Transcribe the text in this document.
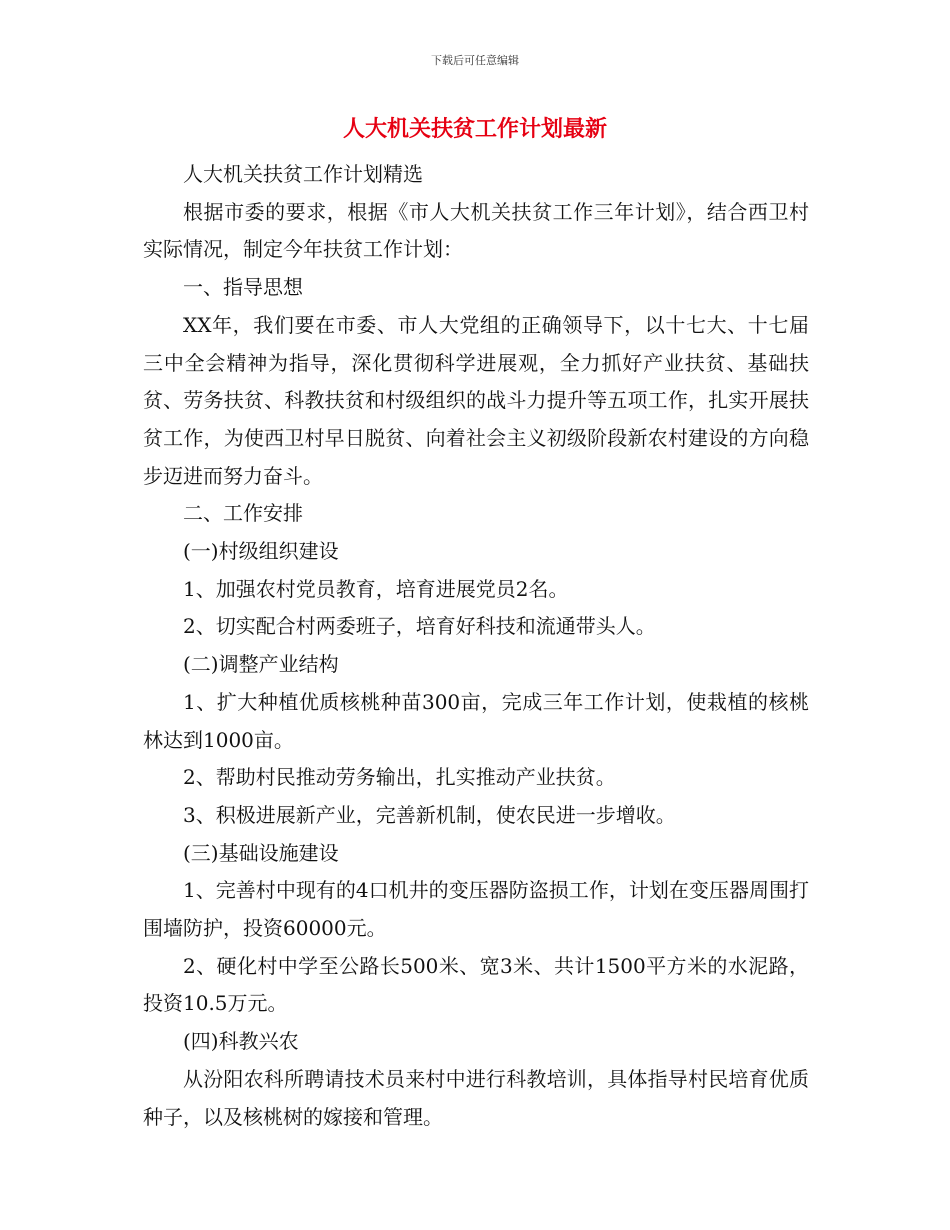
下载后可任意编辑
人大机关扶贫工作计划最新

人大机关扶贫工作计划精选

根据市委的要求，根据《市人大机关扶贫工作三年计划》，结合西卫村实际情况，制定今年扶贫工作计划：

一、指导思想

XX年，我们要在市委、市人大党组的正确领导下，以十七大、十七届三中全会精神为指导，深化贯彻科学进展观，全力抓好产业扶贫、基础扶贫、劳务扶贫、科教扶贫和村级组织的战斗力提升等五项工作，扎实开展扶贫工作，为使西卫村早日脱贫、向着社会主义初级阶段新农村建设的方向稳步迈进而努力奋斗。

二、工作安排

(一)村级组织建设

1、加强农村党员教育，培育进展党员2名。

2、切实配合村两委班子，培育好科技和流通带头人。

(二)调整产业结构

1、扩大种植优质核桃种苗300亩，完成三年工作计划，使栽植的核桃林达到1000亩。

2、帮助村民推动劳务输出，扎实推动产业扶贫。

3、积极进展新产业，完善新机制，使农民进一步增收。

(三)基础设施建设

1、完善村中现有的4口机井的变压器防盗损工作，计划在变压器周围打围墙防护，投资60000元。

2、硬化村中学至公路长500米、宽3米、共计1500平方米的水泥路，投资10.5万元。

(四)科教兴农

从汾阳农科所聘请技术员来村中进行科教培训，具体指导村民培育优质种子，以及核桃树的嫁接和管理。
